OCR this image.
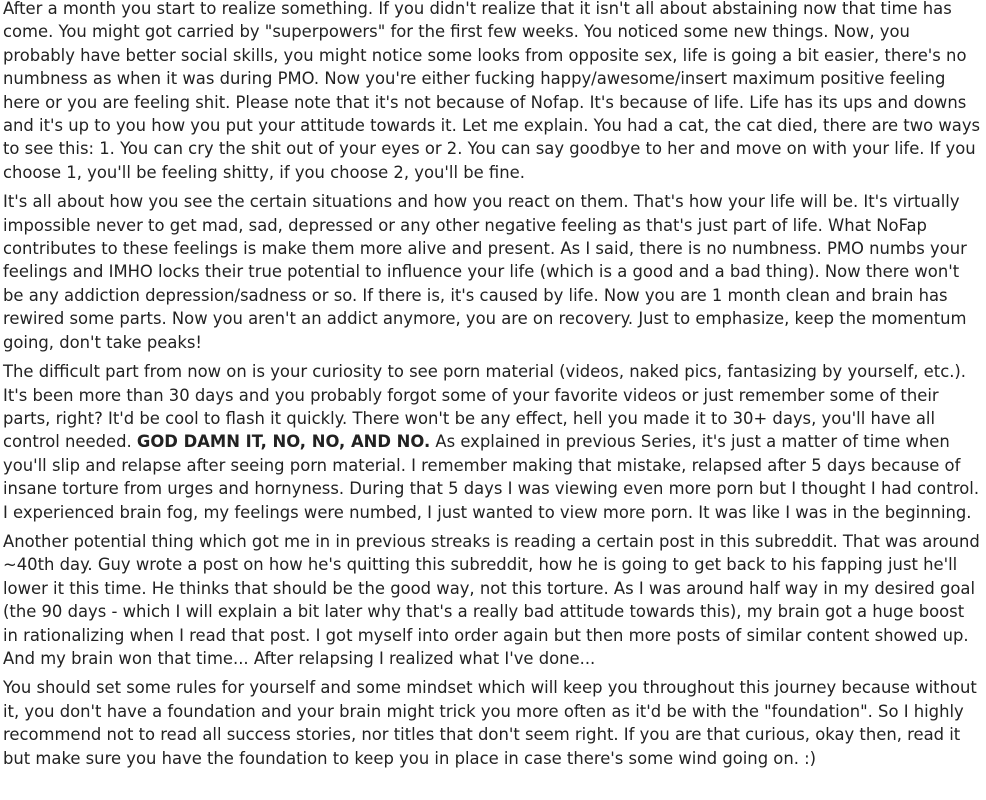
After a month you start to realize something. If you didn't realize that it isn't all about abstaining now that time has come. You might got carried by "superpowers" for the first few weeks. You noticed some new things. Now, you probably have better social skills, you might notice some looks from opposite sex, life is going a bit easier, there's no numbness as when it was during PMO. Now you're either fucking happy/awesome/insert maximum positive feeling here or you are feeling shit. Please note that it's not because of Nofap. It's because of life. Life has its ups and downs and it's up to you how you put your attitude towards it. Let me explain. You had a cat, the cat died, there are two ways to see this: 1. You can cry the shit out of your eyes or 2. You can say goodbye to her and move on with your life. If you choose 1, you'll be feeling shitty, if you choose 2, you'll be fine.

It's all about how you see the certain situations and how you react on them. That's how your life will be. It's virtually impossible never to get mad, sad, depressed or any other negative feeling as that's just part of life. What NoFap contributes to these feelings is make them more alive and present. As I said, there is no numbness. PMO numbs your feelings and IMHO locks their true potential to influence your life (which is a good and a bad thing). Now there won't be any addiction depression/sadness or so. If there is, it's caused by life. Now you are 1 month clean and brain has rewired some parts. Now you aren't an addict anymore, you are on recovery. Just to emphasize, keep the momentum going, don't take peaks!

The difficult part from now on is your curiosity to see porn material (videos, naked pics, fantasizing by yourself, etc.). It's been more than 30 days and you probably forgot some of your favorite videos or just remember some of their parts, right? It'd be cool to flash it quickly. There won't be any effect, hell you made it to 30+ days, you'll have all control needed. GOD DAMN IT, NO, NO, AND NO. As explained in previous Series, it's just a matter of time when you'll slip and relapse after seeing porn material. I remember making that mistake, relapsed after 5 days because of insane torture from urges and hornyness. During that 5 days I was viewing even more porn but I thought I had control. I experienced brain fog, my feelings were numbed, I just wanted to view more porn. It was like I was in the beginning.

Another potential thing which got me in in previous streaks is reading a certain post in this subreddit. That was around ~40th day. Guy wrote a post on how he's quitting this subreddit, how he is going to get back to his fapping just he'll lower it this time. He thinks that should be the good way, not this torture. As I was around half way in my desired goal (the 90 days - which I will explain a bit later why that's a really bad attitude towards this), my brain got a huge boost in rationalizing when I read that post. I got myself into order again but then more posts of similar content showed up. And my brain won that time... After relapsing I realized what I've done...

You should set some rules for yourself and some mindset which will keep you throughout this journey because without it, you don't have a foundation and your brain might trick you more often as it'd be with the "foundation". So I highly recommend not to read all success stories, nor titles that don't seem right. If you are that curious, okay then, read it but make sure you have the foundation to keep you in place in case there's some wind going on. :)
